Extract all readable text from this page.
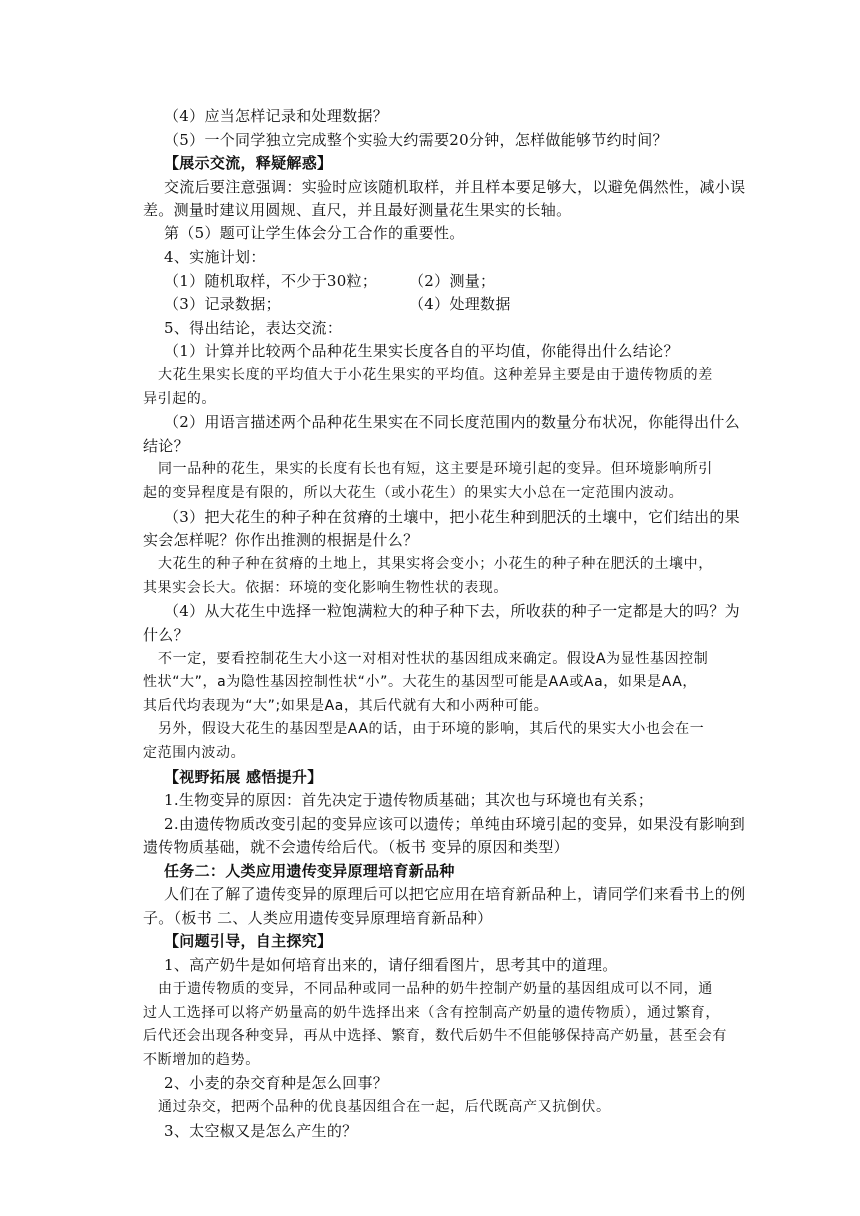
（4）应当怎样记录和处理数据？
（5）一个同学独立完成整个实验大约需要20分钟，怎样做能够节约时间？
【展示交流，释疑解惑】
交流后要注意强调：实验时应该随机取样，并且样本要足够大，以避免偶然性，减小误
差。测量时建议用圆规、直尺，并且最好测量花生果实的长轴。
第（5）题可让学生体会分工合作的重要性。
4、实施计划：
（1）随机取样，不少于30粒； （2）测量；
（3）记录数据；	（4）处理数据
5、得出结论，表达交流：
（1）计算并比较两个品种花生果实长度各自的平均值，你能得出什么结论？
大花生果实长度的平均值大于小花生果实的平均值。这种差异主要是由于遗传物质的差
异引起的。
（2）用语言描述两个品种花生果实在不同长度范围内的数量分布状况，你能得出什么
结论？
同一品种的花生，果实的长度有长也有短，这主要是环境引起的变异。但环境影响所引
起的变异程度是有限的，所以大花生（或小花生）的果实大小总在一定范围内波动。
（3）把大花生的种子种在贫瘠的土壤中，把小花生种到肥沃的土壤中，它们结出的果
实会怎样呢？你作出推测的根据是什么？
大花生的种子种在贫瘠的土地上，其果实将会变小；小花生的种子种在肥沃的土壤中，
其果实会长大。依据：环境的变化影响生物性状的表现。
（4）从大花生中选择一粒饱满粒大的种子种下去，所收获的种子一定都是大的吗？为
什么？
不一定，要看控制花生大小这一对相对性状的基因组成来确定。假设A为显性基因控制
性状“大”，a为隐性基因控制性状“小”。大花生的基因型可能是AA或Aa，如果是AA，
其后代均表现为“大”;如果是Aa，其后代就有大和小两种可能。
另外，假设大花生的基因型是AA的话，由于环境的影响，其后代的果实大小也会在一
定范围内波动。
【视野拓展 感悟提升】
1.生物变异的原因：首先决定于遗传物质基础；其次也与环境也有关系；
2.由遗传物质改变引起的变异应该可以遗传；单纯由环境引起的变异，如果没有影响到
遗传物质基础，就不会遗传给后代。（板书 变异的原因和类型）
任务二：人类应用遗传变异原理培育新品种
人们在了解了遗传变异的原理后可以把它应用在培育新品种上，请同学们来看书上的例
子。（板书 二、人类应用遗传变异原理培育新品种）
【问题引导，自主探究】
1、高产奶牛是如何培育出来的，请仔细看图片，思考其中的道理。
由于遗传物质的变异，不同品种或同一品种的奶牛控制产奶量的基因组成可以不同，通
过人工选择可以将产奶量高的奶牛选择出来（含有控制高产奶量的遗传物质），通过繁育，
后代还会出现各种变异，再从中选择、繁育，数代后奶牛不但能够保持高产奶量，甚至会有
不断增加的趋势。
2、小麦的杂交育种是怎么回事？
通过杂交，把两个品种的优良基因组合在一起，后代既高产又抗倒伏。
3、太空椒又是怎么产生的？
